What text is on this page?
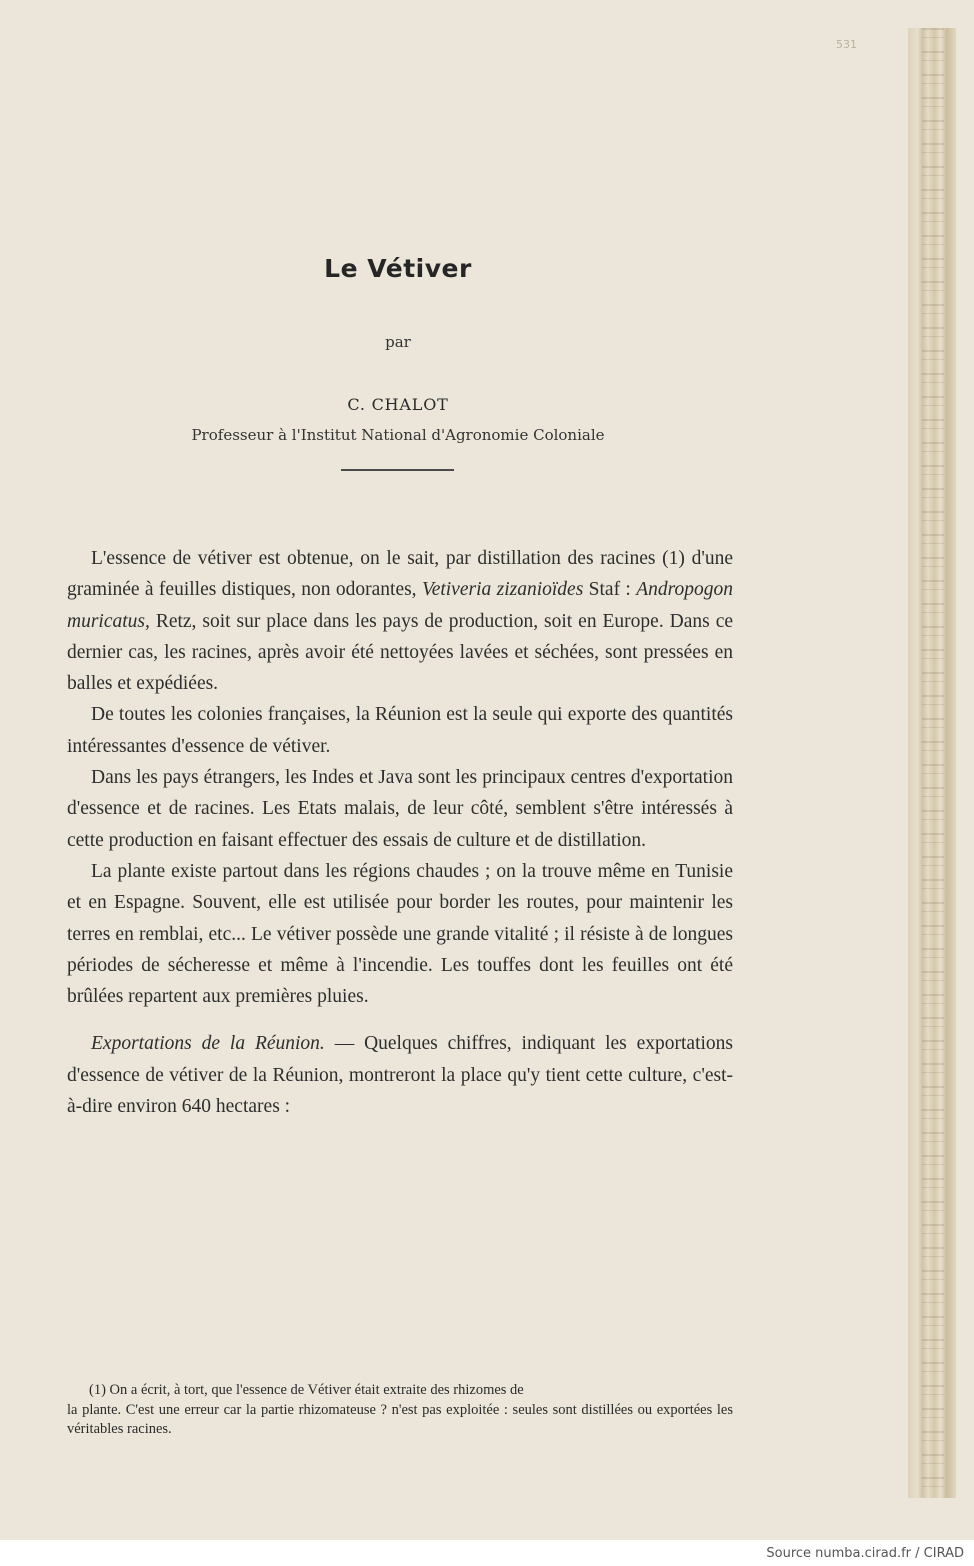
531
Le Vétiver
par
C. CHALOT
Professeur à l'Institut National d'Agronomie Coloniale

L'essence de vétiver est obtenue, on le sait, par distillation des racines (1) d'une graminée à feuilles distiques, non odorantes, Vetiveria zizanioïdes Staf : Andropogon muricatus, Retz, soit sur place dans les pays de production, soit en Europe. Dans ce dernier cas, les racines, après avoir été nettoyées lavées et séchées, sont pressées en balles et expédiées.

De toutes les colonies françaises, la Réunion est la seule qui exporte des quantités intéressantes d'essence de vétiver.

Dans les pays étrangers, les Indes et Java sont les principaux centres d'exportation d'essence et de racines. Les Etats malais, de leur côté, semblent s'être intéressés à cette production en faisant effectuer des essais de culture et de distillation.

La plante existe partout dans les régions chaudes ; on la trouve même en Tunisie et en Espagne. Souvent, elle est utilisée pour border les routes, pour maintenir les terres en remblai, etc... Le vétiver possède une grande vitalité ; il résiste à de longues périodes de sécheresse et même à l'incendie. Les touffes dont les feuilles ont été brûlées repartent aux premières pluies.

Exportations de la Réunion. — Quelques chiffres, indiquant les exportations d'essence de vétiver de la Réunion, montreront la place qu'y tient cette culture, c'est-à-dire environ 640 hectares :

(1) On a écrit, à tort, que l'essence de Vétiver était extraite des rhizomes de
la plante. C'est une erreur car la partie rhizomateuse ? n'est pas exploitée : seules sont distillées ou exportées les véritables racines.
Source numba.cirad.fr / CIRAD
